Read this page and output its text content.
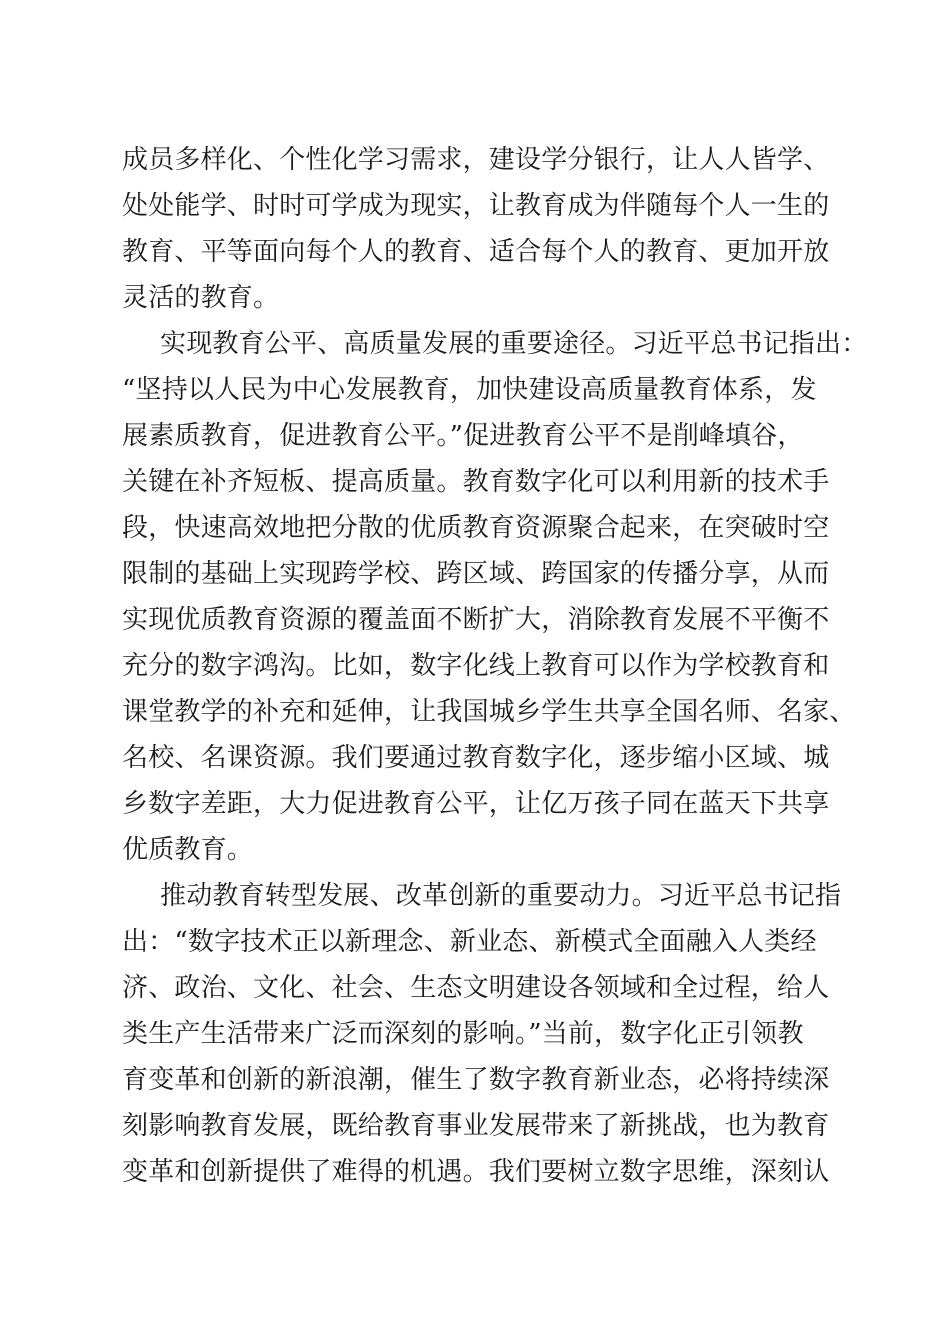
成员多样化、个性化学习需求，建设学分银行，让人人皆学、
处处能学、时时可学成为现实，让教育成为伴随每个人一生的
教育、平等面向每个人的教育、适合每个人的教育、更加开放
灵活的教育。
实现教育公平、高质量发展的重要途径。习近平总书记指出：
“坚持以人民为中心发展教育，加快建设高质量教育体系，发
展素质教育，促进教育公平。”促进教育公平不是削峰填谷，
关键在补齐短板、提高质量。教育数字化可以利用新的技术手
段，快速高效地把分散的优质教育资源聚合起来，在突破时空
限制的基础上实现跨学校、跨区域、跨国家的传播分享，从而
实现优质教育资源的覆盖面不断扩大，消除教育发展不平衡不
充分的数字鸿沟。比如，数字化线上教育可以作为学校教育和
课堂教学的补充和延伸，让我国城乡学生共享全国名师、名家、
名校、名课资源。我们要通过教育数字化，逐步缩小区域、城
乡数字差距，大力促进教育公平，让亿万孩子同在蓝天下共享
优质教育。
推动教育转型发展、改革创新的重要动力。习近平总书记指
出：“数字技术正以新理念、新业态、新模式全面融入人类经
济、政治、文化、社会、生态文明建设各领域和全过程，给人
类生产生活带来广泛而深刻的影响。”当前，数字化正引领教
育变革和创新的新浪潮，催生了数字教育新业态，必将持续深
刻影响教育发展，既给教育事业发展带来了新挑战，也为教育
变革和创新提供了难得的机遇。我们要树立数字思维，深刻认
